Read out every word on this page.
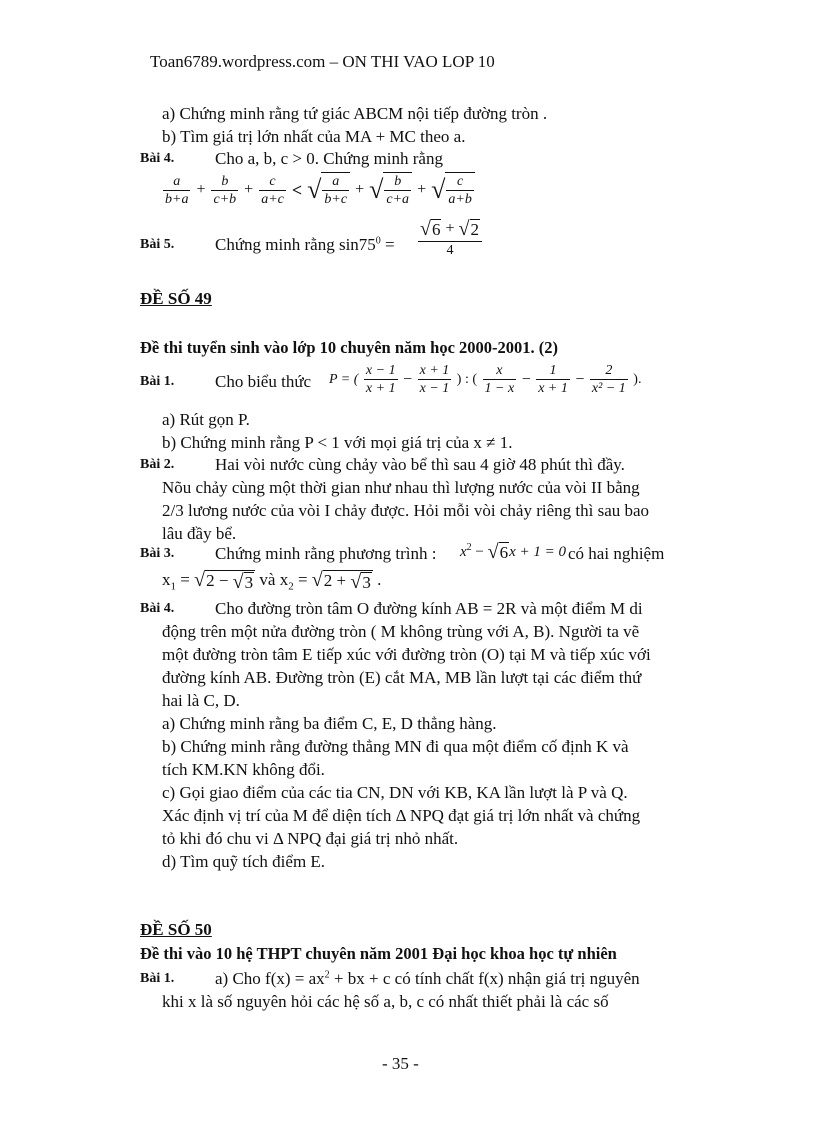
Toan6789.wordpress.com – ON THI VAO LOP 10
a) Chứng minh rằng tứ giác ABCM nội tiếp đường tròn .
b) Tìm giá trị lớn nhất của MA + MC theo a.
Bài 4. Cho a, b, c > 0. Chứng minh rằng
$\frac{a}{b+a} + \frac{b}{c+b} + \frac{c}{a+c}$ < √ $\frac{a}{b+c}$ + √ $\frac{b}{c+a}$ + √ $\frac{c}{a+b}$
Bài 5. Chứng minh rằng $\sin 75^0$ =
√6 + √2
4
ĐỀ SỐ 49
Đề thi tuyển sinh vào lớp 10 chuyên năm học 2000-2001. (2)
Bài 1. Cho biểu thức P = ( $\frac{x - 1}{x + 1} - \frac{x + 1}{x - 1}$ ) : ( $\frac{x}{1 - x} - \frac{1}{x + 1} - \frac{2}{\text{x² − 1}}$ ).
a) Rút gọn P.
b) Chứng minh rằng P < 1 với mọi giá trị của x ≠ 1.
Bài 2. Hai vòi nước cùng chảy vào bể thì sau 4 giờ 48 phút thì đầy.
Nõu chảy cùng một thời gian như nhau thì lượng nước của vòi II bằng
2/3 lương nước của vòi I chảy được. Hỏi mỗi vòi chảy riêng thì sau bao
lâu đầy bể.
Bài 3. Chứng minh rằng phương trình : $x^2 - √6x + 1 = 0$ có hai nghiệm
$x_1 = √2 - √3$ và $x_2 = √2 + √3$ .
Bài 4. Cho đường tròn tâm O đường kính AB = 2R và một điểm M di
động trên một nửa đường tròn ( M không trùng với A, B). Người ta vẽ
một đường tròn tâm E tiếp xúc với đường tròn (O) tại M và tiếp xúc với
đường kính AB. Đường tròn (E) cắt MA, MB lần lượt tại các điểm thứ
hai là C, D.
a) Chứng minh rằng ba điểm C, E, D thẳng hàng.
b) Chứng minh rằng đường thẳng MN đi qua một điểm cố định K và
tích KM.KN không đổi.
c) Gọi giao điểm của các tia CN, DN với KB, KA lần lượt là P và Q.
Xác định vị trí của M để diện tích Δ NPQ đạt giá trị lớn nhất và chứng
tỏ khi đó chu vi Δ NPQ đại giá trị nhỏ nhất.
d) Tìm quỹ tích điểm E.
ĐỀ SỐ 50
Đề thi vào 10 hệ THPT chuyên năm 2001 Đại học khoa học tự nhiên
Bài 1. a) Cho $f(x) = ax^2$ + bx + c có tính chất f(x) nhận giá trị nguyên
khi x là số nguyên hỏi các hệ số a, b, c có nhất thiết phải là các số
- 35 -
